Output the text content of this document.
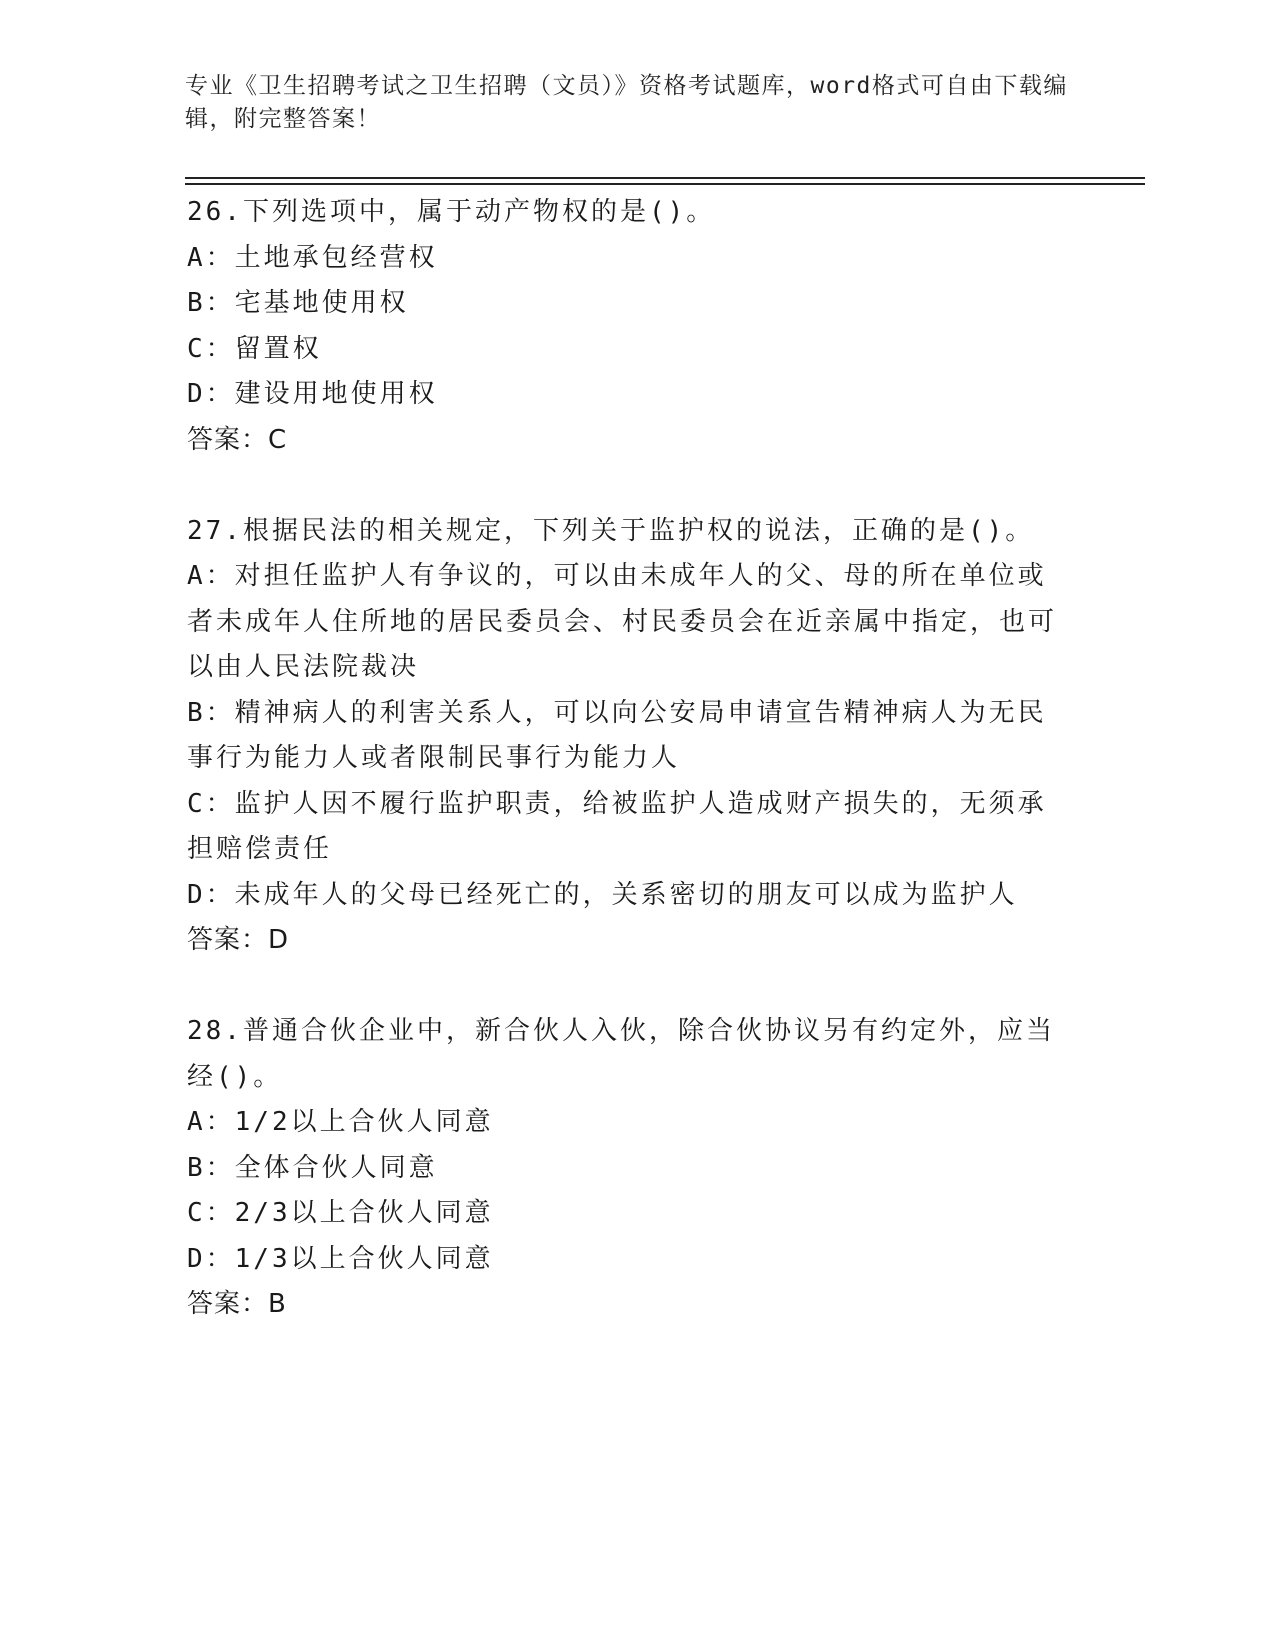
专业《卫生招聘考试之卫生招聘（文员）》资格考试题库，word格式可自由下载编辑，附完整答案！
26.下列选项中，属于动产物权的是()。
A：土地承包经营权
B：宅基地使用权
C：留置权
D：建设用地使用权
答案：C
27.根据民法的相关规定，下列关于监护权的说法，正确的是()。
A：对担任监护人有争议的，可以由未成年人的父、母的所在单位或者未成年人住所地的居民委员会、村民委员会在近亲属中指定，也可以由人民法院裁决
B：精神病人的利害关系人，可以向公安局申请宣告精神病人为无民事行为能力人或者限制民事行为能力人
C：监护人因不履行监护职责，给被监护人造成财产损失的，无须承担赔偿责任
D：未成年人的父母已经死亡的，关系密切的朋友可以成为监护人
答案：D
28.普通合伙企业中，新合伙人入伙，除合伙协议另有约定外，应当经()。
A：1/2以上合伙人同意
B：全体合伙人同意
C：2/3以上合伙人同意
D：1/3以上合伙人同意
答案：B
